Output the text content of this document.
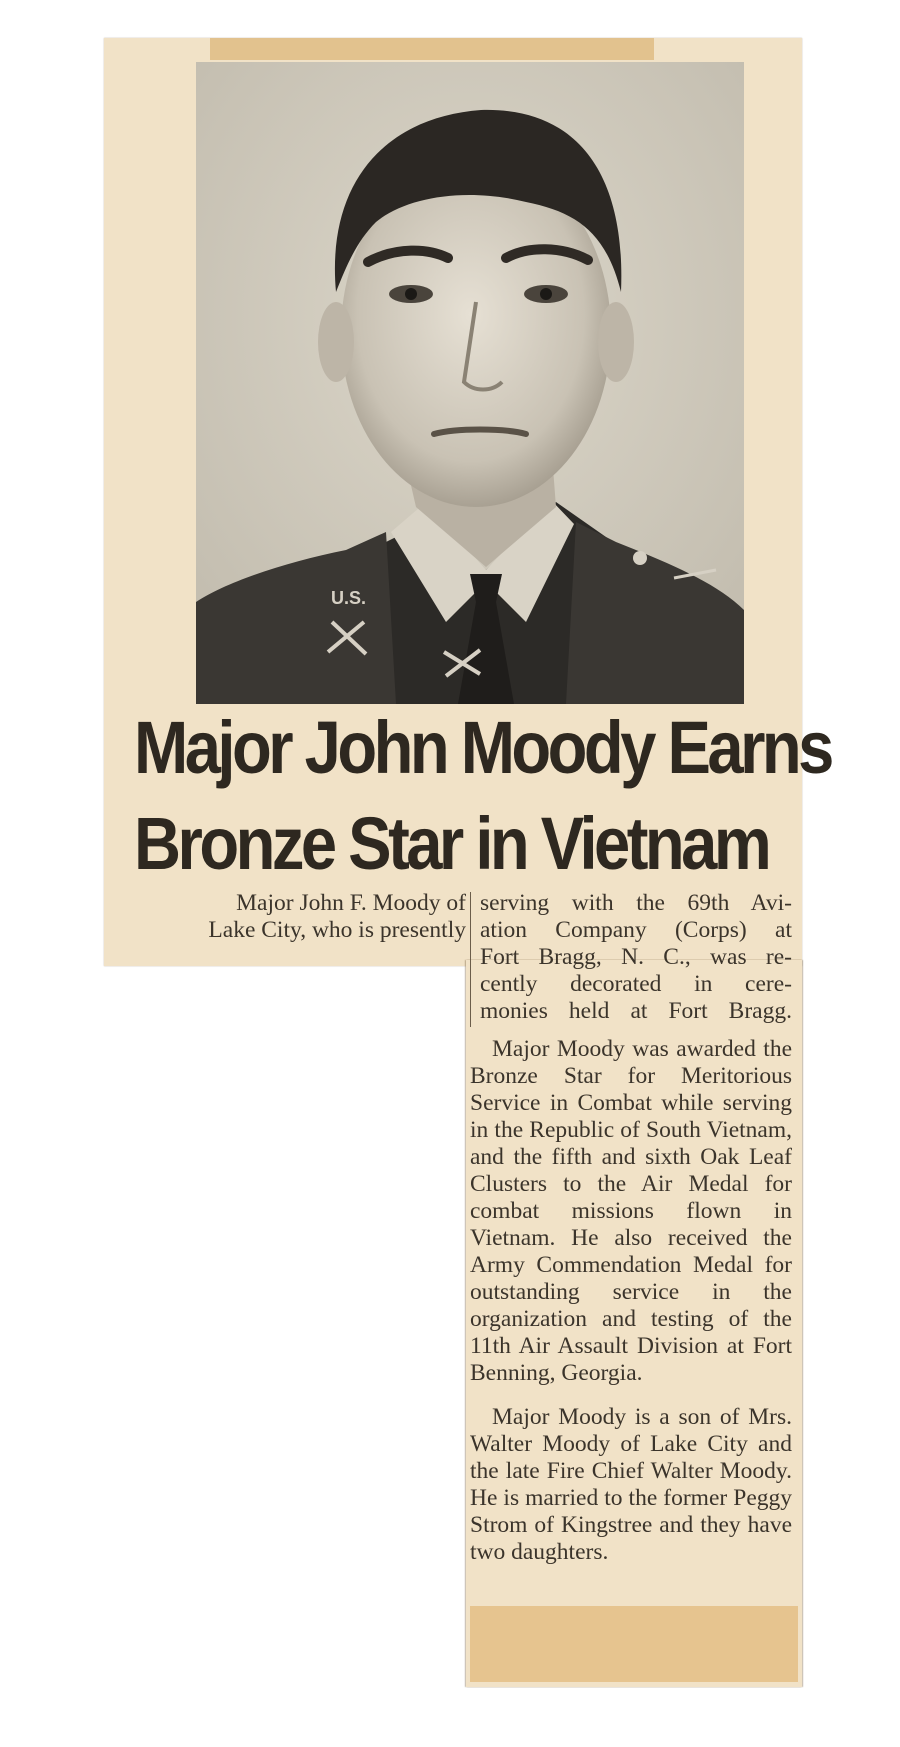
U.S.
Major John Moody Earns
Bronze Star in Vietnam

Major John F. Moody of
Lake City, who is presently

serving with the 69th Avi-
ation Company (Corps) at
Fort Bragg, N. C., was re-
cently decorated in cere-
monies held at Fort Bragg.

Major Moody was awarded the Bronze Star for Meritorious Service in Combat while serving in the Republic of South Vietnam, and the fifth and sixth Oak Leaf Clusters to the Air Medal for combat missions flown in Vietnam. He also received the Army Commendation Medal for outstanding service in the organization and testing of the 11th Air Assault Division at Fort Benning, Georgia.

Major Moody is a son of Mrs. Walter Moody of Lake City and the late Fire Chief Walter Moody. He is married to the former Peggy Strom of Kingstree and they have two daughters.
